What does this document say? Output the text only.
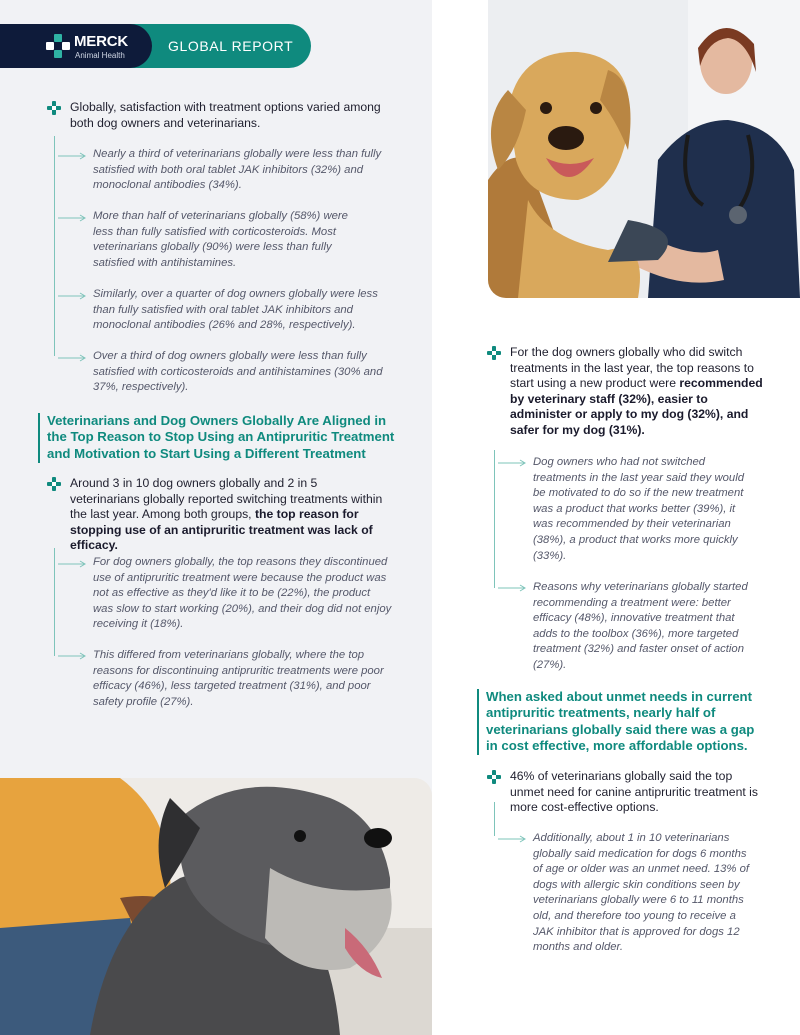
MERCK
Animal Health
GLOBAL REPORT
Globally, satisfaction with treatment options varied among both dog owners and veterinarians.
Nearly a third of veterinarians globally were less than fully satisfied with both oral tablet JAK inhibitors (32%) and monoclonal antibodies (34%).
More than half of veterinarians globally (58%) were less than fully satisfied with corticosteroids. Most veterinarians globally (90%) were less than fully satisfied with antihistamines.
Similarly, over a quarter of dog owners globally were less than fully satisfied with oral tablet JAK inhibitors and monoclonal antibodies (26% and 28%, respectively).
Over a third of dog owners globally were less than fully satisfied with corticosteroids and antihistamines (30% and 37%, respectively).
Veterinarians and Dog Owners Globally Are Aligned in the Top Reason to Stop Using an Antipruritic Treatment and Motivation to Start Using a Different Treatment
Around 3 in 10 dog owners globally and 2 in 5 veterinarians globally reported switching treatments within the last year. Among both groups, the top reason for stopping use of an antipruritic treatment was lack of efficacy.
For dog owners globally, the top reasons they discontinued use of antipruritic treatment were because the product was not as effective as they'd like it to be (22%), the product was slow to start working (20%), and their dog did not enjoy receiving it (18%).
This differed from veterinarians globally, where the top reasons for discontinuing antipruritic treatments were poor efficacy (46%), less targeted treatment (31%), and poor safety profile (27%).
For the dog owners globally who did switch treatments in the last year, the top reasons to start using a new product were recommended by veterinary staff (32%), easier to administer or apply to my dog (32%), and safer for my dog (31%).
Dog owners who had not switched treatments in the last year said they would be motivated to do so if the new treatment was a product that works better (39%), it was recommended by their veterinarian (38%), a product that works more quickly (33%).
Reasons why veterinarians globally started recommending a treatment were: better efficacy (48%), innovative treatment that adds to the toolbox (36%), more targeted treatment (32%) and faster onset of action (27%).
When asked about unmet needs in current antipruritic treatments, nearly half of veterinarians globally said there was a gap in cost effective, more affordable options.
46% of veterinarians globally said the top unmet need for canine antipruritic treatment is more cost-effective options.
Additionally, about 1 in 10 veterinarians globally said medication for dogs 6 months of age or older was an unmet need. 13% of dogs with allergic skin conditions seen by veterinarians globally were 6 to 11 months old, and therefore too young to receive a JAK inhibitor that is approved for dogs 12 months and older.
